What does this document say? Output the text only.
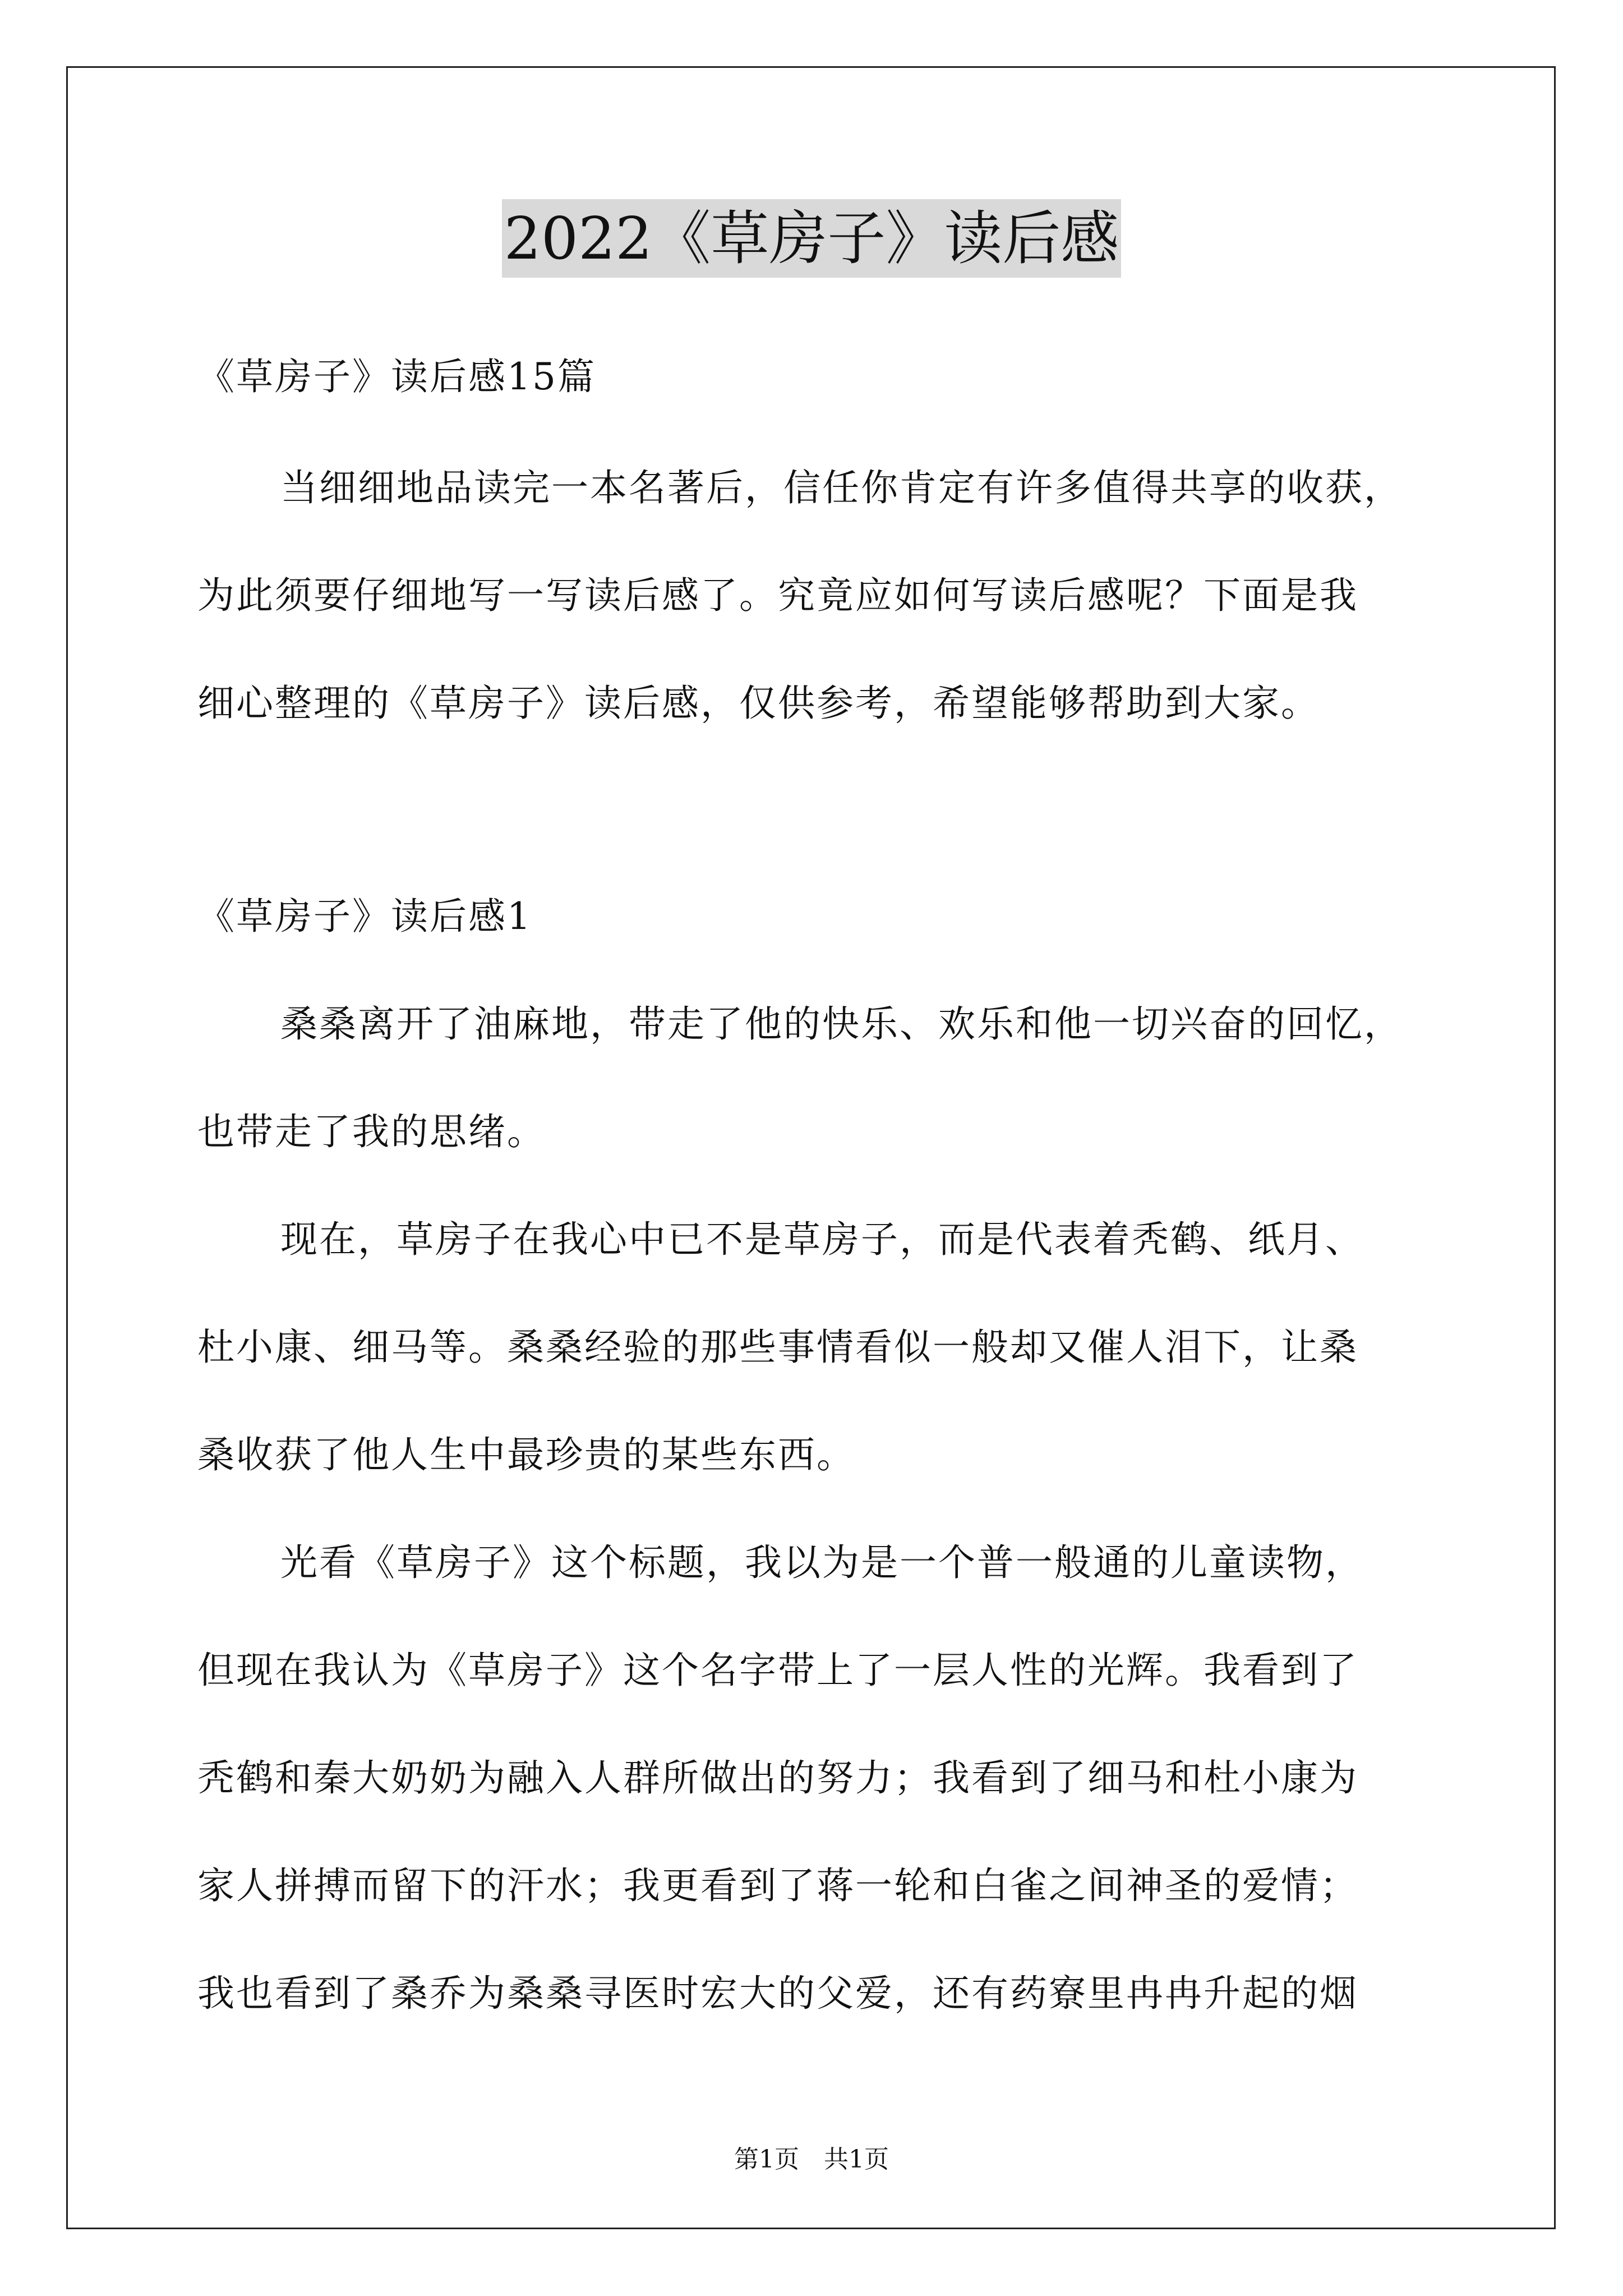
2022《草房子》读后感
《草房子》读后感15篇
当细细地品读完一本名著后，信任你肯定有许多值得共享的收获，
为此须要仔细地写一写读后感了。究竟应如何写读后感呢？下面是我
细心整理的《草房子》读后感，仅供参考，希望能够帮助到大家。
《草房子》读后感1
桑桑离开了油麻地，带走了他的快乐、欢乐和他一切兴奋的回忆，
也带走了我的思绪。
现在，草房子在我心中已不是草房子，而是代表着秃鹤、纸月、
杜小康、细马等。桑桑经验的那些事情看似一般却又催人泪下，让桑
桑收获了他人生中最珍贵的某些东西。
光看《草房子》这个标题，我以为是一个普一般通的儿童读物，
但现在我认为《草房子》这个名字带上了一层人性的光辉。我看到了
秃鹤和秦大奶奶为融入人群所做出的努力；我看到了细马和杜小康为
家人拼搏而留下的汗水；我更看到了蒋一轮和白雀之间神圣的爱情；
我也看到了桑乔为桑桑寻医时宏大的父爱，还有药寮里冉冉升起的烟
第1页　共1页
